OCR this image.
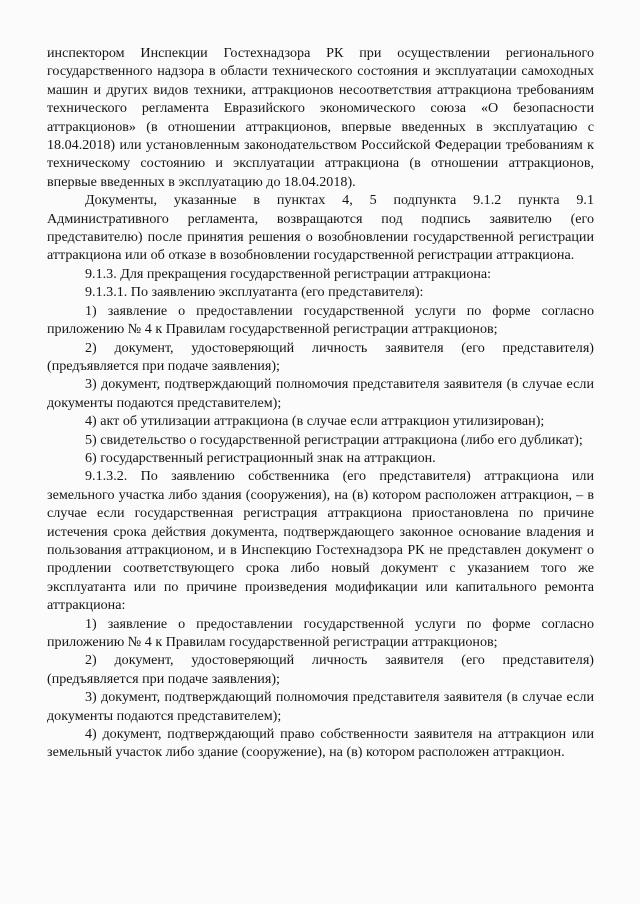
инспектором Инспекции Гостехнадзора РК при осуществлении регионального государственного надзора в области технического состояния и эксплуатации самоходных машин и других видов техники, аттракционов несоответствия аттракциона требованиям технического регламента Евразийского экономического союза «О безопасности аттракционов» (в отношении аттракционов, впервые введенных в эксплуатацию с 18.04.2018) или установленным законодательством Российской Федерации требованиям к техническому состоянию и эксплуатации аттракциона (в отношении аттракционов, впервые введенных в эксплуатацию до 18.04.2018).

Документы, указанные в пунктах 4, 5 подпункта 9.1.2 пункта 9.1 Административного регламента, возвращаются под подпись заявителю (его представителю) после принятия решения о возобновлении государственной регистрации аттракциона или об отказе в возобновлении государственной регистрации аттракциона.

9.1.3. Для прекращения государственной регистрации аттракциона:

9.1.3.1. По заявлению эксплуатанта (его представителя):

1) заявление о предоставлении государственной услуги по форме согласно приложению № 4 к Правилам государственной регистрации аттракционов;

2) документ, удостоверяющий личность заявителя (его представителя) (предъявляется при подаче заявления);

3) документ, подтверждающий полномочия представителя заявителя (в случае если документы подаются представителем);

4) акт об утилизации аттракциона (в случае если аттракцион утилизирован);

5) свидетельство о государственной регистрации аттракциона (либо его дубликат);

6) государственный регистрационный знак на аттракцион.

9.1.3.2. По заявлению собственника (его представителя) аттракциона или земельного участка либо здания (сооружения), на (в) котором расположен аттракцион, – в случае если государственная регистрация аттракциона приостановлена по причине истечения срока действия документа, подтверждающего законное основание владения и пользования аттракционом, и в Инспекцию Гостехнадзора РК не представлен документ о продлении соответствующего срока либо новый документ с указанием того же эксплуатанта или по причине произведения модификации или капитального ремонта аттракциона:

1) заявление о предоставлении государственной услуги по форме согласно приложению № 4 к Правилам государственной регистрации аттракционов;

2) документ, удостоверяющий личность заявителя (его представителя) (предъявляется при подаче заявления);

3) документ, подтверждающий полномочия представителя заявителя (в случае если документы подаются представителем);

4) документ, подтверждающий право собственности заявителя на аттракцион или земельный участок либо здание (сооружение), на (в) котором расположен аттракцион.
